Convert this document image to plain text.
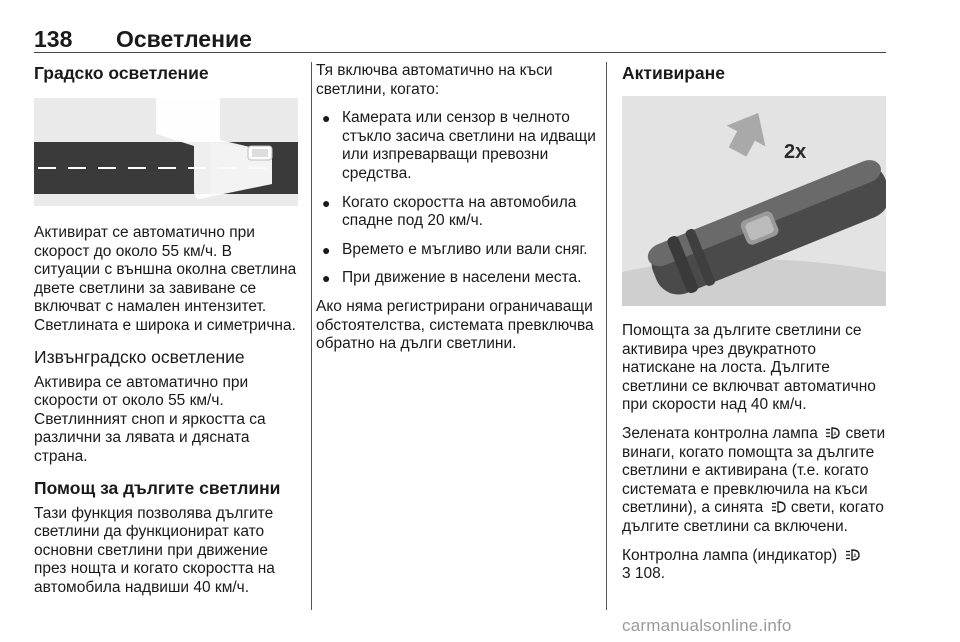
138 Осветление
Градско осветление

Активират се автоматично при скорост до около 55 км/ч. В ситуации с външна околна светлина двете светлини за завиване се включват с намален интензитет. Светлината е широка и симетрична.

Извънградско осветление

Активира се автоматично при скорости от около 55 км/ч. Светлинният сноп и яркостта са различни за лявата и дясната страна.

Помощ за дългите светлини

Тази функция позволява дългите светлини да функционират като основни светлини при движение през нощта и когато скоростта на автомобила надвиши 40 км/ч.

Тя включва автоматично на къси светлини, когато:

● Камерата или сензор в челното стъкло засича светлини на идващи или изпреварващи превозни средства.
● Когато скоростта на автомобила спадне под 20 км/ч.
● Времето е мъгливо или вали сняг.
● При движение в населени места.

Ако няма регистрирани ограничаващи обстоятелства, системата превключва обратно на дълги светлини.

Активиране
2x

Помощта за дългите светлини се активира чрез двукратното натискане на лоста. Дългите светлини се включват автоматично при скорости над 40 км/ч.

Зелената контролна лампа	A свети винаги, когато помощта за дългите светлини е активирана (т.е. когато системата е превключила на къси светлини), а синята свети, когато дългите светлини са включени.

Контролна лампа (индикатор)	A

3 108.

carmanualsonline.info
